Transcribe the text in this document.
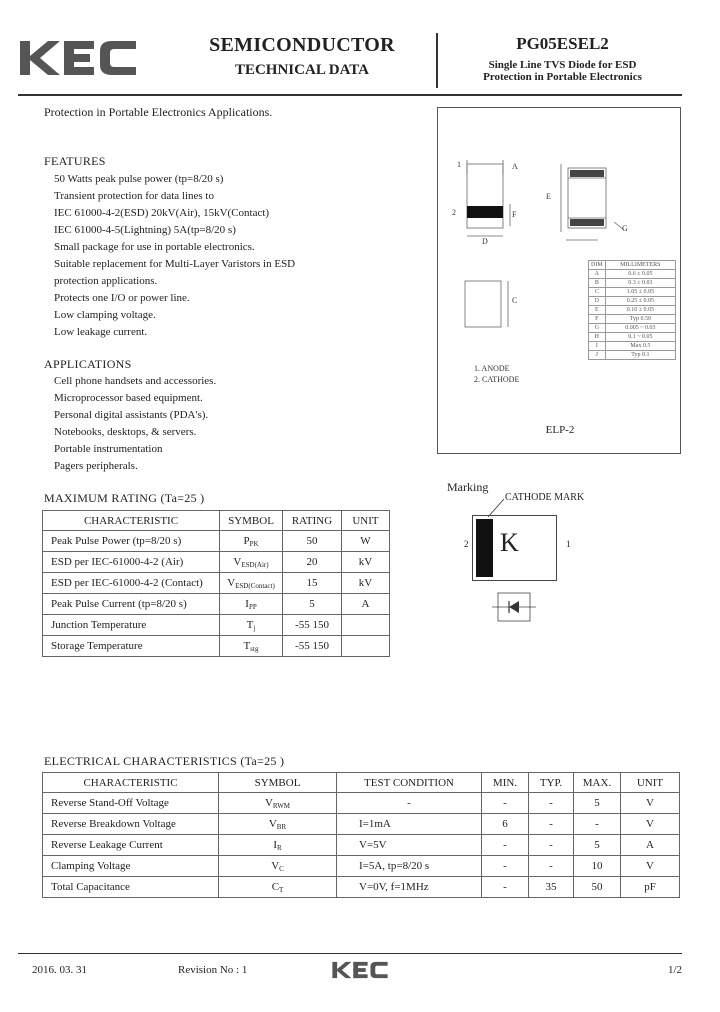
SEMICONDUCTOR
TECHNICAL DATA
PG05ESEL2
Single Line TVS Diode for ESD
Protection in Portable Electronics
Protection in Portable Electronics Applications.
FEATURES
50 Watts peak pulse power (tp=8/20 s)
Transient protection for data lines to
IEC 61000-4-2(ESD) 20kV(Air), 15kV(Contact)
IEC 61000-4-5(Lightning) 5A(tp=8/20 s)
Small package for use in portable electronics.
Suitable replacement for Multi-Layer Varistors in ESD
protection applications.
Protects one I/O or power line.
Low clamping voltage.
Low leakage current.
APPLICATIONS
Cell phone handsets and accessories.
Microprocessor based equipment.
Personal digital assistants (PDA's).
Notebooks, desktops, & servers.
Portable instrumentation
Pagers peripherals.
1
2
A
E
D
F
G
C
1. ANODE
2. CATHODE
DIM	MILLIMETERS
A	0.6 ± 0.05
B	0.3 ± 0.03
C	1.05 ± 0.05
D	0.25 ± 0.05
E	0.10 ± 0.05
F	Typ 0.50
G	0.005 ~ 0.03
H	0.1 ~ 0.05
I	Max 0.5
J	Typ 0.1
ELP-2
Marking
CATHODE MARK
K
2	1
MAXIMUM RATING (Ta=25 )
CHARACTERISTIC	SYMBOL	RATING	UNIT
Peak Pulse Power (tp=8/20 s)	$P_{PK}$	50	W
ESD per IEC-61000-4-2 (Air)	$V_{ESD(Air)}$	20	kV
ESD per IEC-61000-4-2 (Contact)	$V_{ESD(Contact)}$	15	kV
Peak Pulse Current (tp=8/20 s)	$I_{PP}$	5	A
Junction Temperature	$T_j$	-55 150	
Storage Temperature	$T_{stg}$	-55 150	
ELECTRICAL CHARACTERISTICS (Ta=25 )
CHARACTERISTIC	SYMBOL	TEST CONDITION	MIN.	TYP.	MAX.	UNIT
Reverse Stand-Off Voltage	$V_{RWM}$	-	-	-	5	V
Reverse Breakdown Voltage	$V_{BR}$	I=1mA	6	-	-	V
Reverse Leakage Current	$I_R$	V=5V	-	-	5	A
Clamping Voltage	$V_C$	I=5A, tp=8/20 s	-	-	10	V
Total Capacitance	$C_T$	V=0V, f=1MHz	-	35	50	pF
2016. 03. 31	Revision No : 1	1/2
